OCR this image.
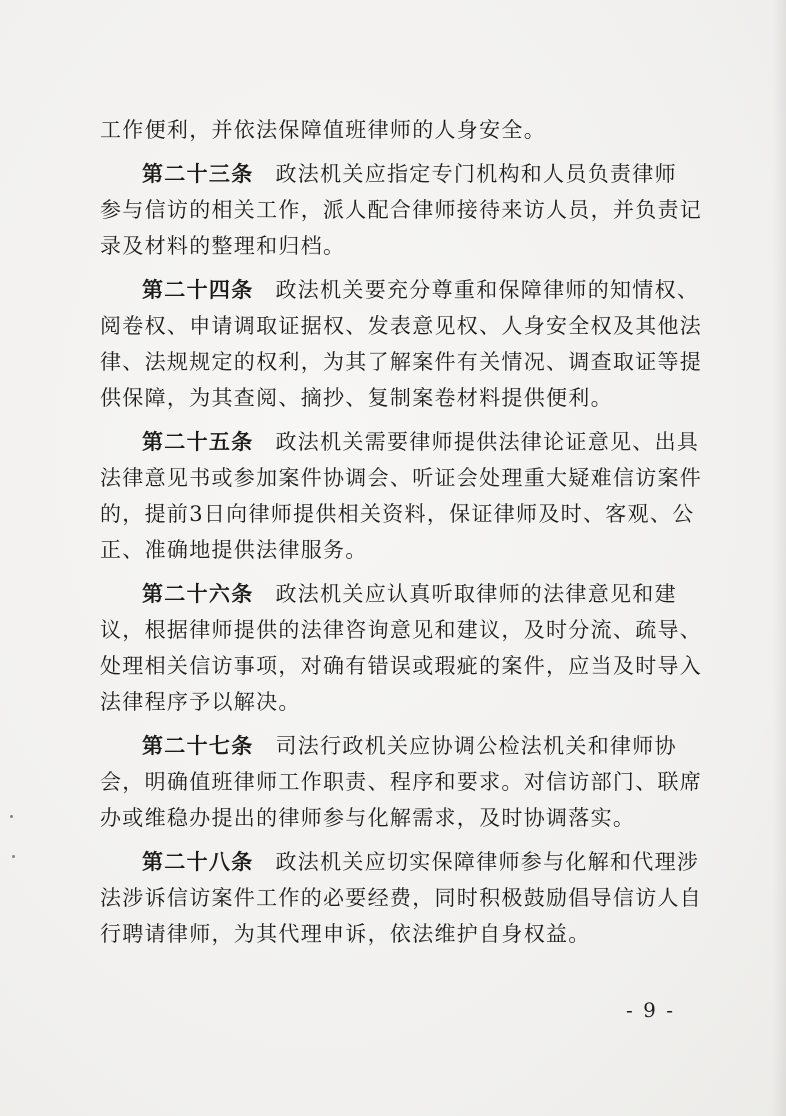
工作便利，并依法保障值班律师的人身安全。
第二十三条 政法机关应指定专门机构和人员负责律师
参与信访的相关工作，派人配合律师接待来访人员，并负责记
录及材料的整理和归档。
第二十四条 政法机关要充分尊重和保障律师的知情权、
阅卷权、申请调取证据权、发表意见权、人身安全权及其他法
律、法规规定的权利，为其了解案件有关情况、调查取证等提
供保障，为其查阅、摘抄、复制案卷材料提供便利。
第二十五条 政法机关需要律师提供法律论证意见、出具
法律意见书或参加案件协调会、听证会处理重大疑难信访案件
的，提前3日向律师提供相关资料，保证律师及时、客观、公
正、准确地提供法律服务。
第二十六条 政法机关应认真听取律师的法律意见和建
议，根据律师提供的法律咨询意见和建议，及时分流、疏导、
处理相关信访事项，对确有错误或瑕疵的案件，应当及时导入
法律程序予以解决。
第二十七条 司法行政机关应协调公检法机关和律师协
会，明确值班律师工作职责、程序和要求。对信访部门、联席
办或维稳办提出的律师参与化解需求，及时协调落实。
第二十八条 政法机关应切实保障律师参与化解和代理涉
法涉诉信访案件工作的必要经费，同时积极鼓励倡导信访人自
行聘请律师，为其代理申诉，依法维护自身权益。
- 9 -
